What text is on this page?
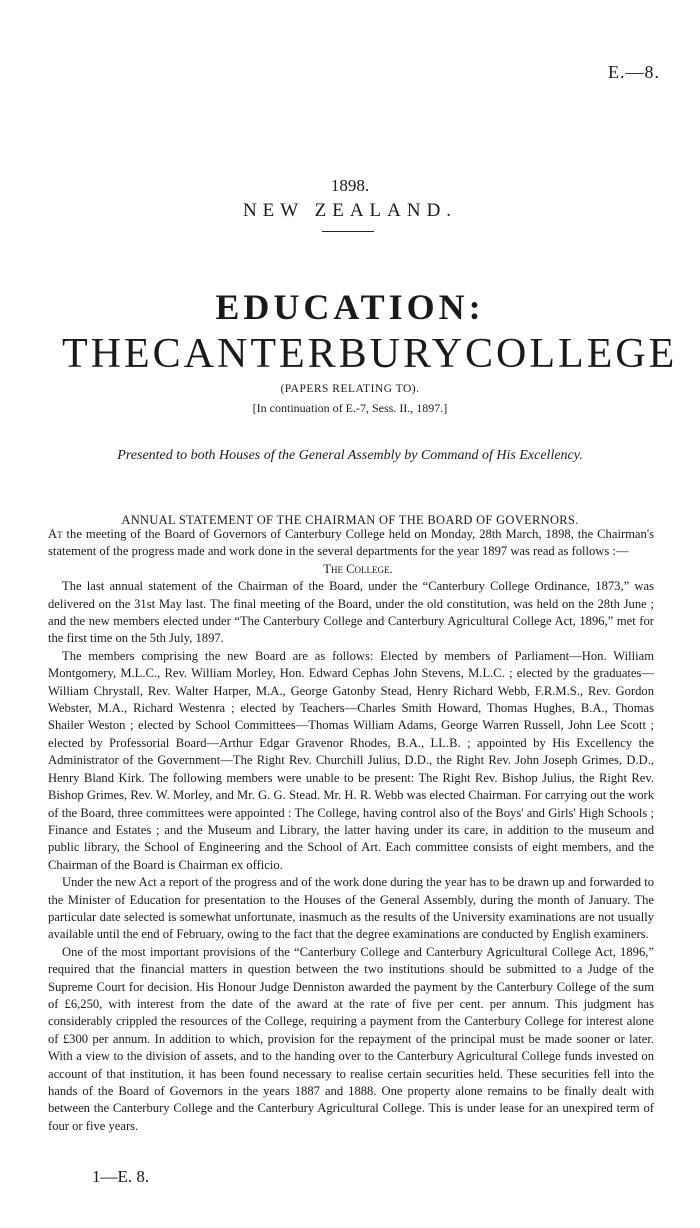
E.—8.
1898.
NEW ZEALAND.
EDUCATION:
THE CANTERBURY COLLEGE
(PAPERS RELATING TO).
[In continuation of E.-7, Sess. II., 1897.]
Presented to both Houses of the General Assembly by Command of His Excellency.
ANNUAL STATEMENT OF THE CHAIRMAN OF THE BOARD OF GOVERNORS.

At the meeting of the Board of Governors of Canterbury College held on Monday, 28th March, 1898, the Chairman's statement of the progress made and work done in the several departments for the year 1897 was read as follows :—

The College.

The last annual statement of the Chairman of the Board, under the “Canterbury College Ordinance, 1873,” was delivered on the 31st May last. The final meeting of the Board, under the old constitution, was held on the 28th June ; and the new members elected under “The Canterbury College and Canterbury Agricultural College Act, 1896,” met for the first time on the 5th July, 1897.

The members comprising the new Board are as follows: Elected by members of Parliament—Hon. William Montgomery, M.L.C., Rev. William Morley, Hon. Edward Cephas John Stevens, M.L.C. ; elected by the graduates—William Chrystall, Rev. Walter Harper, M.A., George Gatonby Stead, Henry Richard Webb, F.R.M.S., Rev. Gordon Webster, M.A., Richard Westenra ; elected by Teachers—Charles Smith Howard, Thomas Hughes, B.A., Thomas Shailer Weston ; elected by School Committees—Thomas William Adams, George Warren Russell, John Lee Scott ; elected by Professorial Board—Arthur Edgar Gravenor Rhodes, B.A., LL.B. ; appointed by His Excellency the Administrator of the Government—The Right Rev. Churchill Julius, D.D., the Right Rev. John Joseph Grimes, D.D., Henry Bland Kirk. The following members were unable to be present: The Right Rev. Bishop Julius, the Right Rev. Bishop Grimes, Rev. W. Morley, and Mr. G. G. Stead. Mr. H. R. Webb was elected Chairman. For carrying out the work of the Board, three committees were appointed : The College, having control also of the Boys' and Girls' High Schools ; Finance and Estates ; and the Museum and Library, the latter having under its care, in addition to the museum and public library, the School of Engineering and the School of Art. Each committee consists of eight members, and the Chairman of the Board is Chairman ex officio.

Under the new Act a report of the progress and of the work done during the year has to be drawn up and forwarded to the Minister of Education for presentation to the Houses of the General Assembly, during the month of January. The particular date selected is somewhat unfortunate, inasmuch as the results of the University examinations are not usually available until the end of February, owing to the fact that the degree examinations are conducted by English examiners.

One of the most important provisions of the “Canterbury College and Canterbury Agricultural College Act, 1896,” required that the financial matters in question between the two institutions should be submitted to a Judge of the Supreme Court for decision. His Honour Judge Denniston awarded the payment by the Canterbury College of the sum of £6,250, with interest from the date of the award at the rate of five per cent. per annum. This judgment has considerably crippled the resources of the College, requiring a payment from the Canterbury College for interest alone of £300 per annum. In addition to which, provision for the repayment of the principal must be made sooner or later. With a view to the division of assets, and to the handing over to the Canterbury Agricultural College funds invested on account of that institution, it has been found necessary to realise certain securities held. These securities fell into the hands of the Board of Governors in the years 1887 and 1888. One property alone remains to be finally dealt with between the Canterbury College and the Canterbury Agricultural College. This is under lease for an unexpired term of four or five years.

1—E. 8.
